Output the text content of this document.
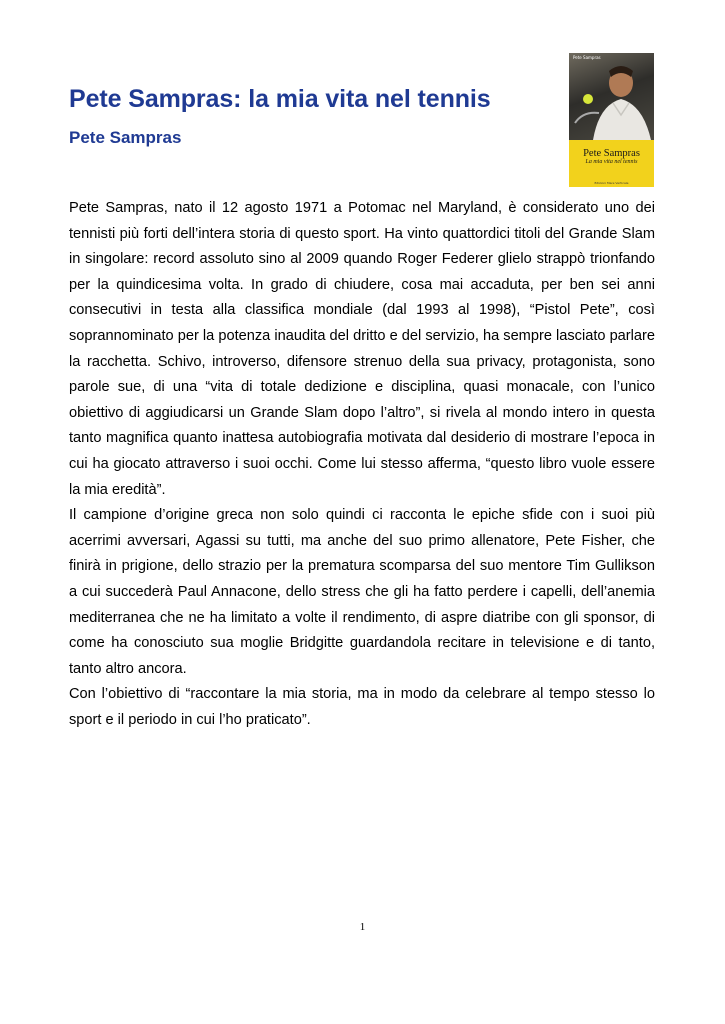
Pete Sampras: la mia vita nel tennis
Pete Sampras
Pete Sampras
Pete Sampras
La mia vita nel tennis
Edizioni Mare Verticale

Pete Sampras, nato il 12 agosto 1971 a Potomac nel Maryland, è considerato uno dei tennisti più forti dell’intera storia di questo sport. Ha vinto quattordici titoli del Grande Slam in singolare: record assoluto sino al 2009 quando Roger Federer glielo strappò trionfando per la quindicesima volta. In grado di chiudere, cosa mai accaduta, per ben sei anni consecutivi in testa alla classifica mondiale (dal 1993 al 1998), “Pistol Pete”, così soprannominato per la potenza inaudita del dritto e del servizio, ha sempre lasciato parlare la racchetta. Schivo, introverso, difensore strenuo della sua privacy, protagonista, sono parole sue, di una “vita di totale dedizione e disciplina, quasi monacale, con l’unico obiettivo di aggiudicarsi un Grande Slam dopo l’altro”, si rivela al mondo intero in questa tanto magnifica quanto inattesa autobiografia motivata dal desiderio di mostrare l’epoca in cui ha giocato attraverso i suoi occhi. Come lui stesso afferma, “questo libro vuole essere la mia eredità”.

Il campione d’origine greca non solo quindi ci racconta le epiche sfide con i suoi più acerrimi avversari, Agassi su tutti, ma anche del suo primo allenatore, Pete Fisher, che finirà in prigione, dello strazio per la prematura scomparsa del suo mentore Tim Gullikson a cui succederà Paul Annacone, dello stress che gli ha fatto perdere i capelli, dell’anemia mediterranea che ne ha limitato a volte il rendimento, di aspre diatribe con gli sponsor, di come ha conosciuto sua moglie Bridgitte guardandola recitare in televisione e di tanto, tanto altro ancora.

Con l’obiettivo di “raccontare la mia storia, ma in modo da celebrare al tempo stesso lo sport e il periodo in cui l’ho praticato”.

1
